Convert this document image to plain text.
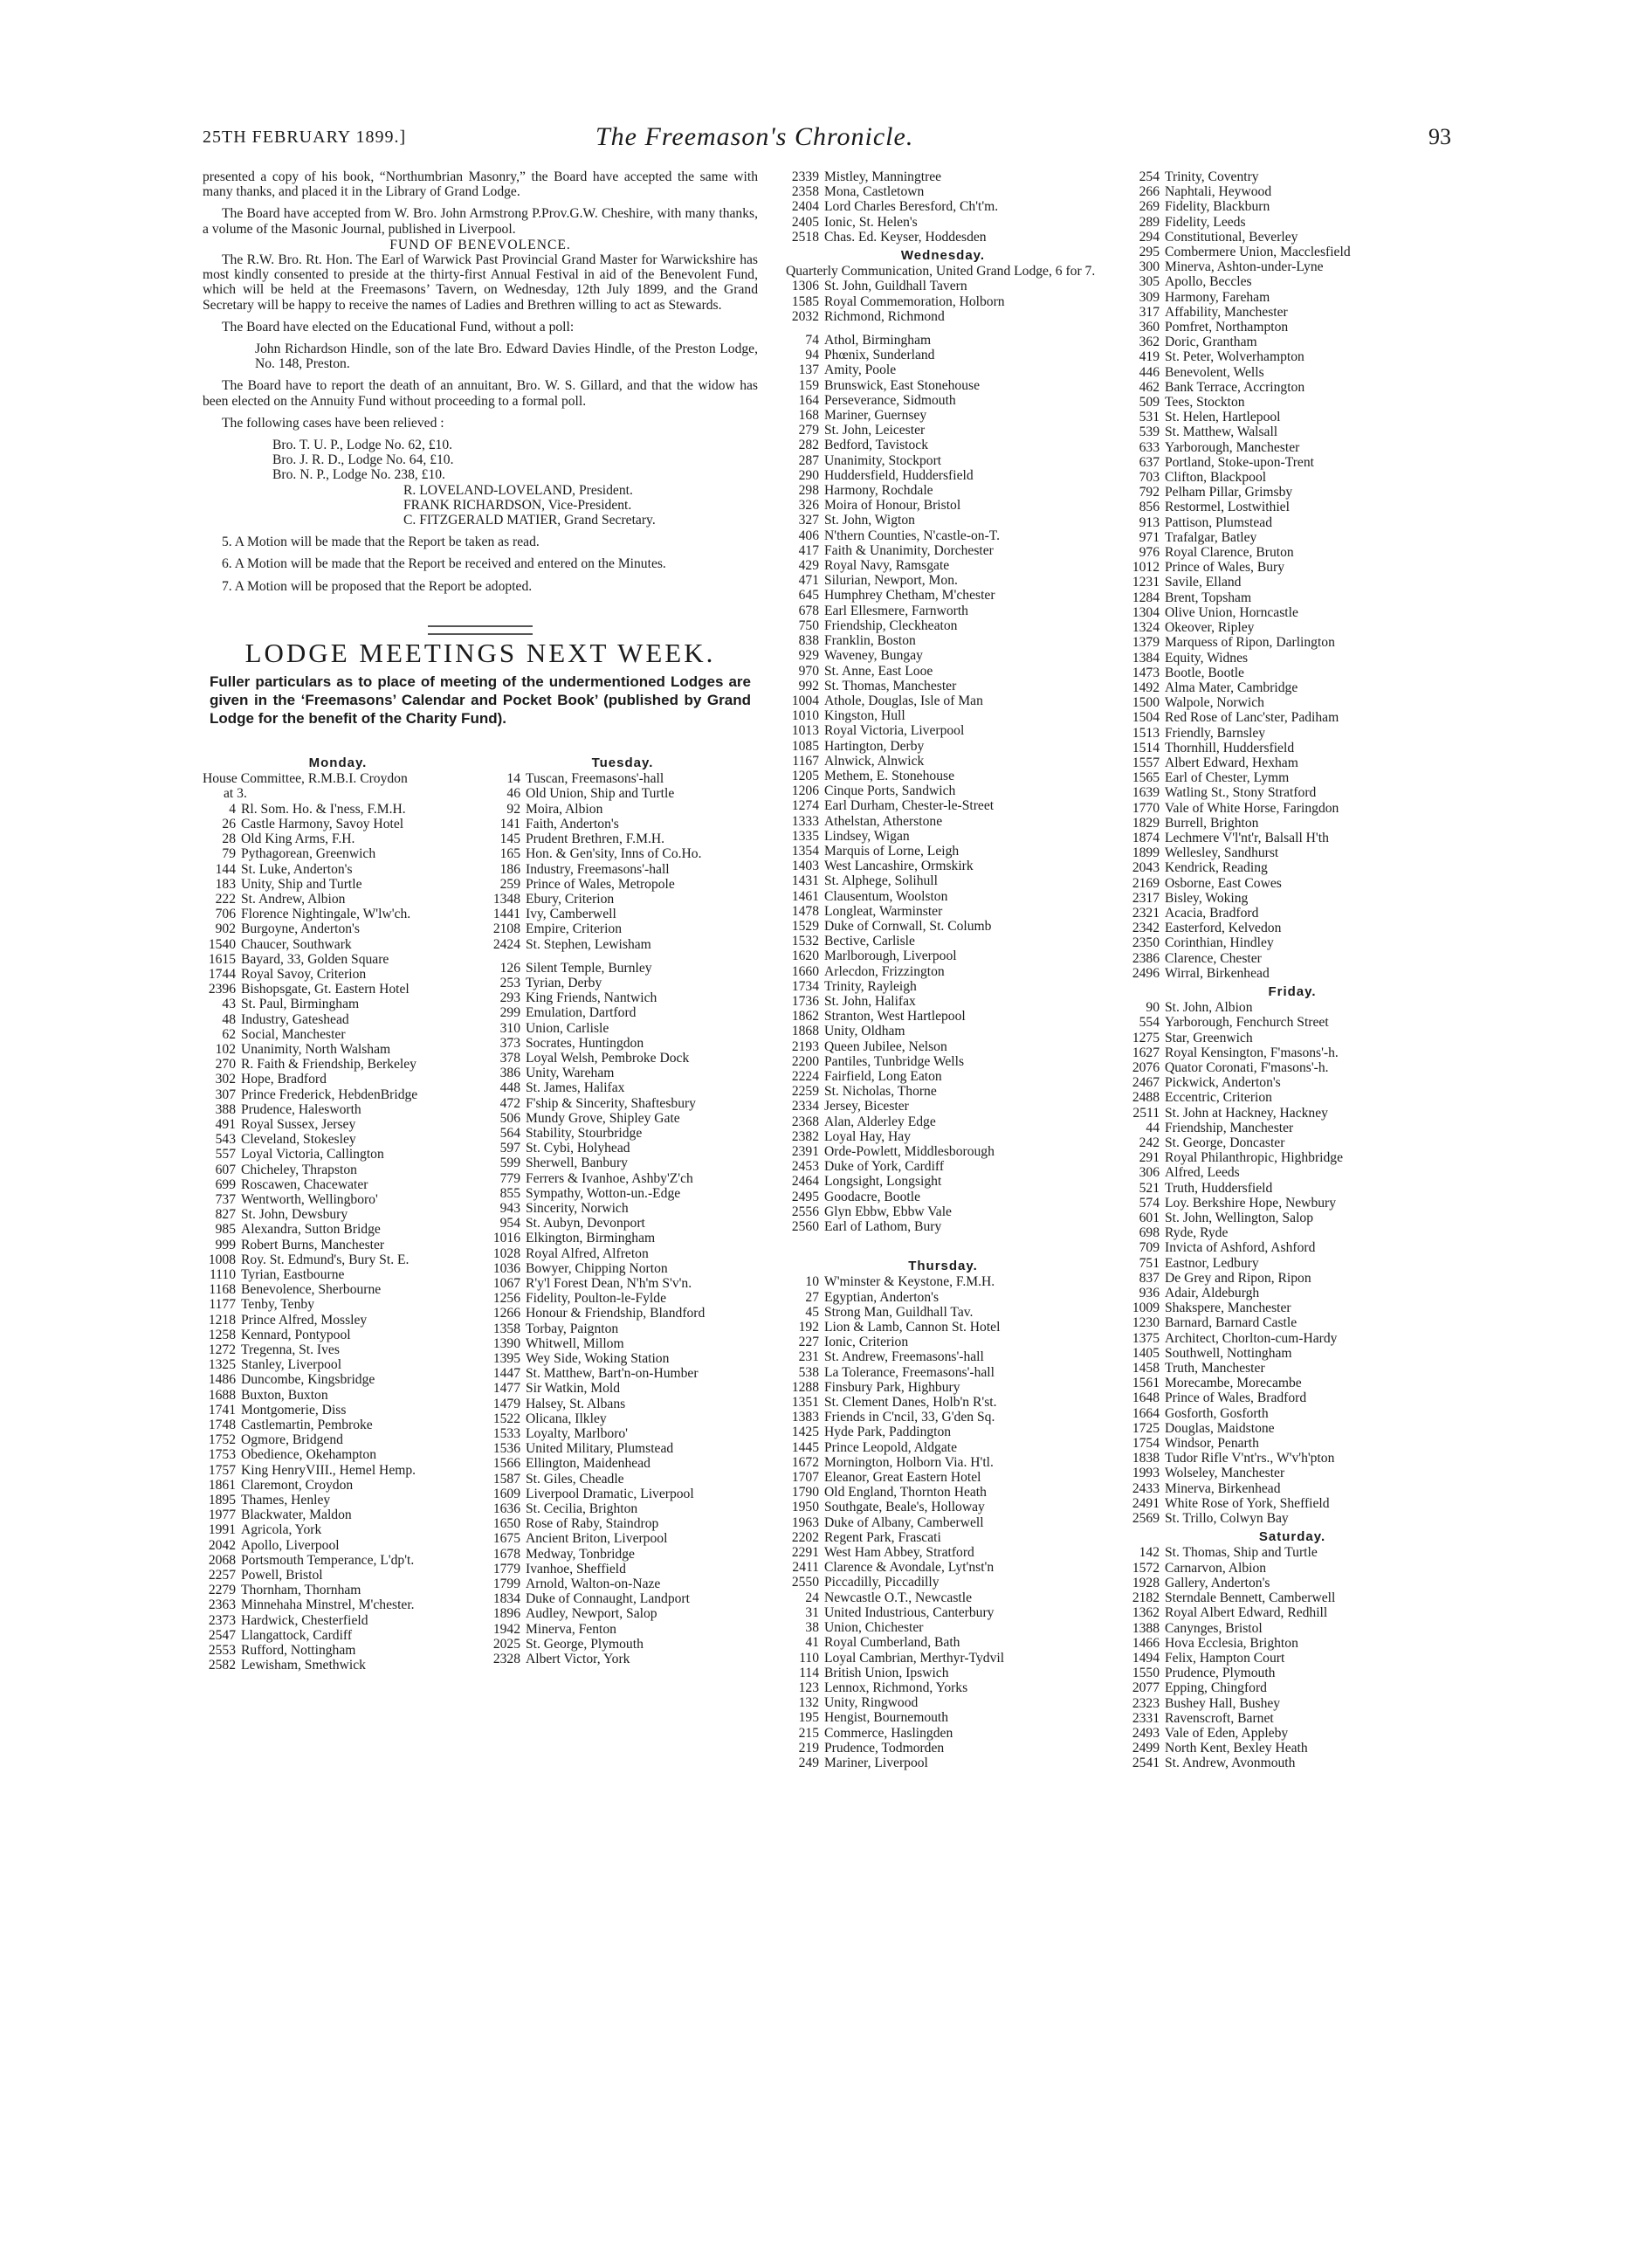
25TH FEBRUARY 1899.]	The Freemason's Chronicle.	93

presented a copy of his book, “Northumbrian Masonry,” the Board have accepted the same with many thanks, and placed it in the Library of Grand Lodge.

The Board have accepted from W. Bro. John Armstrong P.Prov.G.W. Cheshire, with many thanks, a volume of the Masonic Journal, published in Liverpool.

FUND OF BENEVOLENCE.

The R.W. Bro. Rt. Hon. The Earl of Warwick Past Provincial Grand Master for Warwickshire has most kindly consented to preside at the thirty-first Annual Festival in aid of the Benevolent Fund, which will be held at the Freemasons’ Tavern, on Wednesday, 12th July 1899, and the Grand Secretary will be happy to receive the names of Ladies and Brethren willing to act as Stewards.

The Board have elected on the Educational Fund, without a poll:

John Richardson Hindle, son of the late Bro. Edward Davies Hindle, of the Preston Lodge, No. 148, Preston.

The Board have to report the death of an annuitant, Bro. W. S. Gillard, and that the widow has been elected on the Annuity Fund without proceeding to a formal poll.

The following cases have been relieved :

Bro. T. U. P., Lodge No. 62, £10.
Bro. J. R. D., Lodge No. 64, £10.
Bro. N. P., Lodge No. 238, £10.
R. LOVELAND-LOVELAND, President.
FRANK RICHARDSON, Vice-President.
C. FITZGERALD MATIER, Grand Secretary.

5. A Motion will be made that the Report be taken as read.

6. A Motion will be made that the Report be received and entered on the Minutes.

7. A Motion will be proposed that the Report be adopted.

LODGE MEETINGS NEXT WEEK.
Fuller particulars as to place of meeting of the undermentioned Lodges are given in the ‘Freemasons’ Calendar and Pocket Book’ (published by Grand Lodge for the benefit of the Charity Fund).
Monday.
House Committee, R.M.B.I. Croydon
at 3.
4 Rl. Som. Ho. & I'ness, F.M.H.
26 Castle Harmony, Savoy Hotel
28 Old King Arms, F.H.
79 Pythagorean, Greenwich
144 St. Luke, Anderton's
183 Unity, Ship and Turtle
222 St. Andrew, Albion
706 Florence Nightingale, W'lw'ch.
902 Burgoyne, Anderton's
1540 Chaucer, Southwark
1615 Bayard, 33, Golden Square
1744 Royal Savoy, Criterion
2396 Bishopsgate, Gt. Eastern Hotel
43 St. Paul, Birmingham
48 Industry, Gateshead
62 Social, Manchester
102 Unanimity, North Walsham
270 R. Faith & Friendship, Berkeley
302 Hope, Bradford
307 Prince Frederick, HebdenBridge
388 Prudence, Halesworth
491 Royal Sussex, Jersey
543 Cleveland, Stokesley
557 Loyal Victoria, Callington
607 Chicheley, Thrapston
699 Roscawen, Chacewater
737 Wentworth, Wellingboro'
827 St. John, Dewsbury
985 Alexandra, Sutton Bridge
999 Robert Burns, Manchester
1008 Roy. St. Edmund's, Bury St. E.
1110 Tyrian, Eastbourne
1168 Benevolence, Sherbourne
1177 Tenby, Tenby
1218 Prince Alfred, Mossley
1258 Kennard, Pontypool
1272 Tregenna, St. Ives
1325 Stanley, Liverpool
1486 Duncombe, Kingsbridge
1688 Buxton, Buxton
1741 Montgomerie, Diss
1748 Castlemartin, Pembroke
1752 Ogmore, Bridgend
1753 Obedience, Okehampton
1757 King HenryVIII., Hemel Hemp.
1861 Claremont, Croydon
1895 Thames, Henley
1977 Blackwater, Maldon
1991 Agricola, York
2042 Apollo, Liverpool
2068 Portsmouth Temperance, L'dp't.
2257 Powell, Bristol
2279 Thornham, Thornham
2363 Minnehaha Minstrel, M'chester.
2373 Hardwick, Chesterfield
2547 Llangattock, Cardiff
2553 Rufford, Nottingham
2582 Lewisham, Smethwick
Tuesday.
14 Tuscan, Freemasons'-hall
46 Old Union, Ship and Turtle
92 Moira, Albion
141 Faith, Anderton's
145 Prudent Brethren, F.M.H.
165 Hon. & Gen'sity, Inns of Co.Ho.
186 Industry, Freemasons'-hall
259 Prince of Wales, Metropole
1348 Ebury, Criterion
1441 Ivy, Camberwell
2108 Empire, Criterion
2424 St. Stephen, Lewisham
126 Silent Temple, Burnley
253 Tyrian, Derby
293 King Friends, Nantwich
299 Emulation, Dartford
310 Union, Carlisle
373 Socrates, Huntingdon
378 Loyal Welsh, Pembroke Dock
386 Unity, Wareham
448 St. James, Halifax
472 F'ship & Sincerity, Shaftesbury
506 Mundy Grove, Shipley Gate
564 Stability, Stourbridge
597 St. Cybi, Holyhead
599 Sherwell, Banbury
779 Ferrers & Ivanhoe, Ashby'Z'ch
855 Sympathy, Wotton-un.-Edge
943 Sincerity, Norwich
954 St. Aubyn, Devonport
1016 Elkington, Birmingham
1028 Royal Alfred, Alfreton
1036 Bowyer, Chipping Norton
1067 R'y'l Forest Dean, N'h'm S'v'n.
1256 Fidelity, Poulton-le-Fylde
1266 Honour & Friendship, Blandford
1358 Torbay, Paignton
1390 Whitwell, Millom
1395 Wey Side, Woking Station
1447 St. Matthew, Bart'n-on-Humber
1477 Sir Watkin, Mold
1479 Halsey, St. Albans
1522 Olicana, Ilkley
1533 Loyalty, Marlboro'
1536 United Military, Plumstead
1566 Ellington, Maidenhead
1587 St. Giles, Cheadle
1609 Liverpool Dramatic, Liverpool
1636 St. Cecilia, Brighton
1650 Rose of Raby, Staindrop
1675 Ancient Briton, Liverpool
1678 Medway, Tonbridge
1779 Ivanhoe, Sheffield
1799 Arnold, Walton-on-Naze
1834 Duke of Connaught, Landport
1896 Audley, Newport, Salop
1942 Minerva, Fenton
2025 St. George, Plymouth
2328 Albert Victor, York
2339 Mistley, Manningtree
2358 Mona, Castletown
2404 Lord Charles Beresford, Ch't'm.
2405 Ionic, St. Helen's
2518 Chas. Ed. Keyser, Hoddesden
Wednesday.

Quarterly Communication, United Grand Lodge, 6 for 7.

1306 St. John, Guildhall Tavern
1585 Royal Commemoration, Holborn
2032 Richmond, Richmond
74 Athol, Birmingham
94 Phœnix, Sunderland
137 Amity, Poole
159 Brunswick, East Stonehouse
164 Perseverance, Sidmouth
168 Mariner, Guernsey
279 St. John, Leicester
282 Bedford, Tavistock
287 Unanimity, Stockport
290 Huddersfield, Huddersfield
298 Harmony, Rochdale
326 Moira of Honour, Bristol
327 St. John, Wigton
406 N'thern Counties, N'castle-on-T.
417 Faith & Unanimity, Dorchester
429 Royal Navy, Ramsgate
471 Silurian, Newport, Mon.
645 Humphrey Chetham, M'chester
678 Earl Ellesmere, Farnworth
750 Friendship, Cleckheaton
838 Franklin, Boston
929 Waveney, Bungay
970 St. Anne, East Looe
992 St. Thomas, Manchester
1004 Athole, Douglas, Isle of Man
1010 Kingston, Hull
1013 Royal Victoria, Liverpool
1085 Hartington, Derby
1167 Alnwick, Alnwick
1205 Methem, E. Stonehouse
1206 Cinque Ports, Sandwich
1274 Earl Durham, Chester-le-Street
1333 Athelstan, Atherstone
1335 Lindsey, Wigan
1354 Marquis of Lorne, Leigh
1403 West Lancashire, Ormskirk
1431 St. Alphege, Solihull
1461 Clausentum, Woolston
1478 Longleat, Warminster
1529 Duke of Cornwall, St. Columb
1532 Bective, Carlisle
1620 Marlborough, Liverpool
1660 Arlecdon, Frizzington
1734 Trinity, Rayleigh
1736 St. John, Halifax
1862 Stranton, West Hartlepool
1868 Unity, Oldham
2193 Queen Jubilee, Nelson
2200 Pantiles, Tunbridge Wells
2224 Fairfield, Long Eaton
2259 St. Nicholas, Thorne
2334 Jersey, Bicester
2368 Alan, Alderley Edge
2382 Loyal Hay, Hay
2391 Orde-Powlett, Middlesborough
2453 Duke of York, Cardiff
2464 Longsight, Longsight
2495 Goodacre, Bootle
2556 Glyn Ebbw, Ebbw Vale
2560 Earl of Lathom, Bury
Thursday.
10 W'minster & Keystone, F.M.H.
27 Egyptian, Anderton's
45 Strong Man, Guildhall Tav.
192 Lion & Lamb, Cannon St. Hotel
227 Ionic, Criterion
231 St. Andrew, Freemasons'-hall
538 La Tolerance, Freemasons'-hall
1288 Finsbury Park, Highbury
1351 St. Clement Danes, Holb'n R'st.
1383 Friends in C'ncil, 33, G'den Sq.
1425 Hyde Park, Paddington
1445 Prince Leopold, Aldgate
1672 Mornington, Holborn Via. H'tl.
1707 Eleanor, Great Eastern Hotel
1790 Old England, Thornton Heath
1950 Southgate, Beale's, Holloway
1963 Duke of Albany, Camberwell
2202 Regent Park, Frascati
2291 West Ham Abbey, Stratford
2411 Clarence & Avondale, Lyt'nst'n
2550 Piccadilly, Piccadilly
24 Newcastle O.T., Newcastle
31 United Industrious, Canterbury
38 Union, Chichester
41 Royal Cumberland, Bath
110 Loyal Cambrian, Merthyr-Tydvil
114 British Union, Ipswich
123 Lennox, Richmond, Yorks
132 Unity, Ringwood
195 Hengist, Bournemouth
215 Commerce, Haslingden
219 Prudence, Todmorden
249 Mariner, Liverpool
254 Trinity, Coventry
266 Naphtali, Heywood
269 Fidelity, Blackburn
289 Fidelity, Leeds
294 Constitutional, Beverley
295 Combermere Union, Macclesfield
300 Minerva, Ashton-under-Lyne
305 Apollo, Beccles
309 Harmony, Fareham
317 Affability, Manchester
360 Pomfret, Northampton
362 Doric, Grantham
419 St. Peter, Wolverhampton
446 Benevolent, Wells
462 Bank Terrace, Accrington
509 Tees, Stockton
531 St. Helen, Hartlepool
539 St. Matthew, Walsall
633 Yarborough, Manchester
637 Portland, Stoke-upon-Trent
703 Clifton, Blackpool
792 Pelham Pillar, Grimsby
856 Restormel, Lostwithiel
913 Pattison, Plumstead
971 Trafalgar, Batley
976 Royal Clarence, Bruton
1012 Prince of Wales, Bury
1231 Savile, Elland
1284 Brent, Topsham
1304 Olive Union, Horncastle
1324 Okeover, Ripley
1379 Marquess of Ripon, Darlington
1384 Equity, Widnes
1473 Bootle, Bootle
1492 Alma Mater, Cambridge
1500 Walpole, Norwich
1504 Red Rose of Lanc'ster, Padiham
1513 Friendly, Barnsley
1514 Thornhill, Huddersfield
1557 Albert Edward, Hexham
1565 Earl of Chester, Lymm
1639 Watling St., Stony Stratford
1770 Vale of White Horse, Faringdon
1829 Burrell, Brighton
1874 Lechmere V'l'nt'r, Balsall H'th
1899 Wellesley, Sandhurst
2043 Kendrick, Reading
2169 Osborne, East Cowes
2317 Bisley, Woking
2321 Acacia, Bradford
2342 Easterford, Kelvedon
2350 Corinthian, Hindley
2386 Clarence, Chester
2496 Wirral, Birkenhead
Friday.
90 St. John, Albion
554 Yarborough, Fenchurch Street
1275 Star, Greenwich
1627 Royal Kensington, F'masons'-h.
2076 Quator Coronati, F'masons'-h.
2467 Pickwick, Anderton's
2488 Eccentric, Criterion
2511 St. John at Hackney, Hackney
44 Friendship, Manchester
242 St. George, Doncaster
291 Royal Philanthropic, Highbridge
306 Alfred, Leeds
521 Truth, Huddersfield
574 Loy. Berkshire Hope, Newbury
601 St. John, Wellington, Salop
698 Ryde, Ryde
709 Invicta of Ashford, Ashford
751 Eastnor, Ledbury
837 De Grey and Ripon, Ripon
936 Adair, Aldeburgh
1009 Shakspere, Manchester
1230 Barnard, Barnard Castle
1375 Architect, Chorlton-cum-Hardy
1405 Southwell, Nottingham
1458 Truth, Manchester
1561 Morecambe, Morecambe
1648 Prince of Wales, Bradford
1664 Gosforth, Gosforth
1725 Douglas, Maidstone
1754 Windsor, Penarth
1838 Tudor Rifle V'nt'rs., W'v'h'pton
1993 Wolseley, Manchester
2433 Minerva, Birkenhead
2491 White Rose of York, Sheffield
2569 St. Trillo, Colwyn Bay
Saturday.
142 St. Thomas, Ship and Turtle
1572 Carnarvon, Albion
1928 Gallery, Anderton's
2182 Sterndale Bennett, Camberwell
1362 Royal Albert Edward, Redhill
1388 Canynges, Bristol
1466 Hova Ecclesia, Brighton
1494 Felix, Hampton Court
1550 Prudence, Plymouth
2077 Epping, Chingford
2323 Bushey Hall, Bushey
2331 Ravenscroft, Barnet
2493 Vale of Eden, Appleby
2499 North Kent, Bexley Heath
2541 St. Andrew, Avonmouth
